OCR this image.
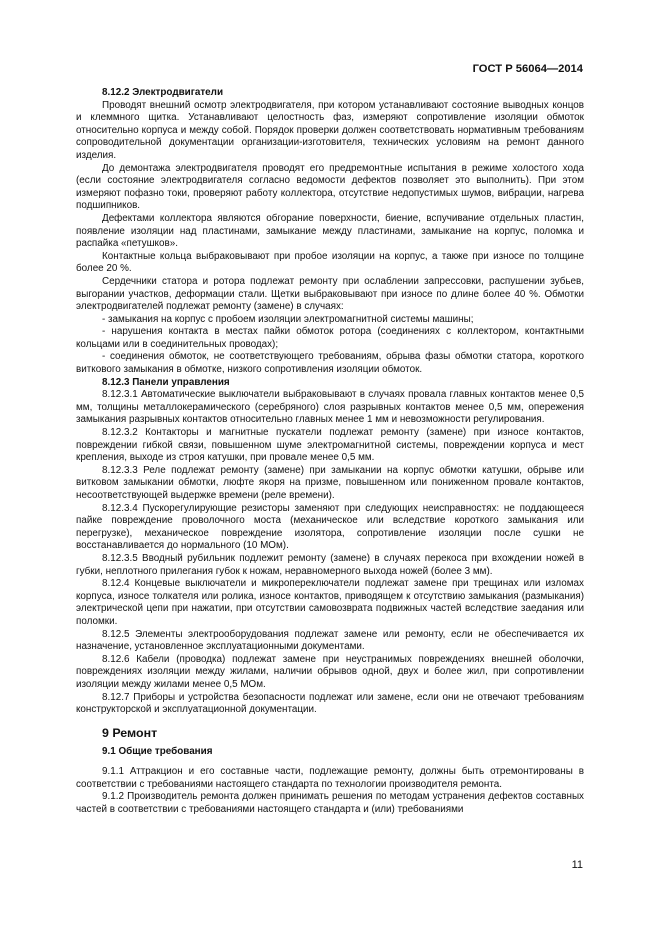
ГОСТ Р 56064—2014

8.12.2 Электродвигатели

Проводят внешний осмотр электродвигателя, при котором устанавливают состояние выводных концов и клеммного щитка. Устанавливают целостность фаз, измеряют сопротивление изоляции обмоток относительно корпуса и между собой. Порядок проверки должен соответствовать нормативным требованиям сопроводительной документации организации-изготовителя, технических условиям на ремонт данного изделия.

До демонтажа электродвигателя проводят его предремонтные испытания в режиме холостого хода (если состояние электродвигателя согласно ведомости дефектов позволяет это выполнить). При этом измеряют пофазно токи, проверяют работу коллектора, отсутствие недопустимых шумов, вибрации, нагрева подшипников.

Дефектами коллектора являются обгорание поверхности, биение, вспучивание отдельных пластин, появление изоляции над пластинами, замыкание между пластинами, замыкание на корпус, поломка и распайка «петушков».

Контактные кольца выбраковывают при пробое изоляции на корпус, а также при износе по толщине более 20 %.

Сердечники статора и ротора подлежат ремонту при ослаблении запрессовки, распушении зубьев, выгорании участков, деформации стали. Щетки выбраковывают при износе по длине более 40 %. Обмотки электродвигателей подлежат ремонту (замене) в случаях:

- замыкания на корпус с пробоем изоляции электромагнитной системы машины;

- нарушения контакта в местах пайки обмоток ротора (соединениях с коллектором, контактными кольцами или в соединительных проводах);

- соединения обмоток, не соответствующего требованиям, обрыва фазы обмотки статора, короткого виткового замыкания в обмотке, низкого сопротивления изоляции обмоток.

8.12.3 Панели управления

8.12.3.1 Автоматические выключатели выбраковывают в случаях провала главных контактов менее 0,5 мм, толщины металлокерамического (серебряного) слоя разрывных контактов менее 0,5 мм, опережения замыкания разрывных контактов относительно главных менее 1 мм и невозможности регулирования.

8.12.3.2 Контакторы и магнитные пускатели подлежат ремонту (замене) при износе контактов, повреждении гибкой связи, повышенном шуме электромагнитной системы, повреждении корпуса и мест крепления, выходе из строя катушки, при провале менее 0,5 мм.

8.12.3.3 Реле подлежат ремонту (замене) при замыкании на корпус обмотки катушки, обрыве или витковом замыкании обмотки, люфте якоря на призме, повышенном или пониженном провале контактов, несоответствующей выдержке времени (реле времени).

8.12.3.4 Пускорегулирующие резисторы заменяют при следующих неисправностях: не поддающееся пайке повреждение проволочного моста (механическое или вследствие короткого замыкания или перегрузке), механическое повреждение изолятора, сопротивление изоляции после сушки не восстанавливается до нормального (10 МОм).

8.12.3.5 Вводный рубильник подлежит ремонту (замене) в случаях перекоса при вхождении ножей в губки, неплотного прилегания губок к ножам, неравномерного выхода ножей (более 3 мм).

8.12.4 Концевые выключатели и микропереключатели подлежат замене при трещинах или изломах корпуса, износе толкателя или ролика, износе контактов, приводящем к отсутствию замыкания (размыкания) электрической цепи при нажатии, при отсутствии самовозврата подвижных частей вследствие заедания или поломки.

8.12.5 Элементы электрооборудования подлежат замене или ремонту, если не обеспечивается их назначение, установленное эксплуатационными документами.

8.12.6 Кабели (проводка) подлежат замене при неустранимых повреждениях внешней оболочки, повреждениях изоляции между жилами, наличии обрывов одной, двух и более жил, при сопротивлении изоляции между жилами менее 0,5 МОм.

8.12.7 Приборы и устройства безопасности подлежат или замене, если они не отвечают требованиям конструкторской и эксплуатационной документации.

9 Ремонт

9.1 Общие требования

9.1.1 Аттракцион и его составные части, подлежащие ремонту, должны быть отремонтированы в соответствии с требованиями настоящего стандарта по технологии производителя ремонта.

9.1.2 Производитель ремонта должен принимать решения по методам устранения дефектов составных частей в соответствии с требованиями настоящего стандарта и (или) требованиями

11
